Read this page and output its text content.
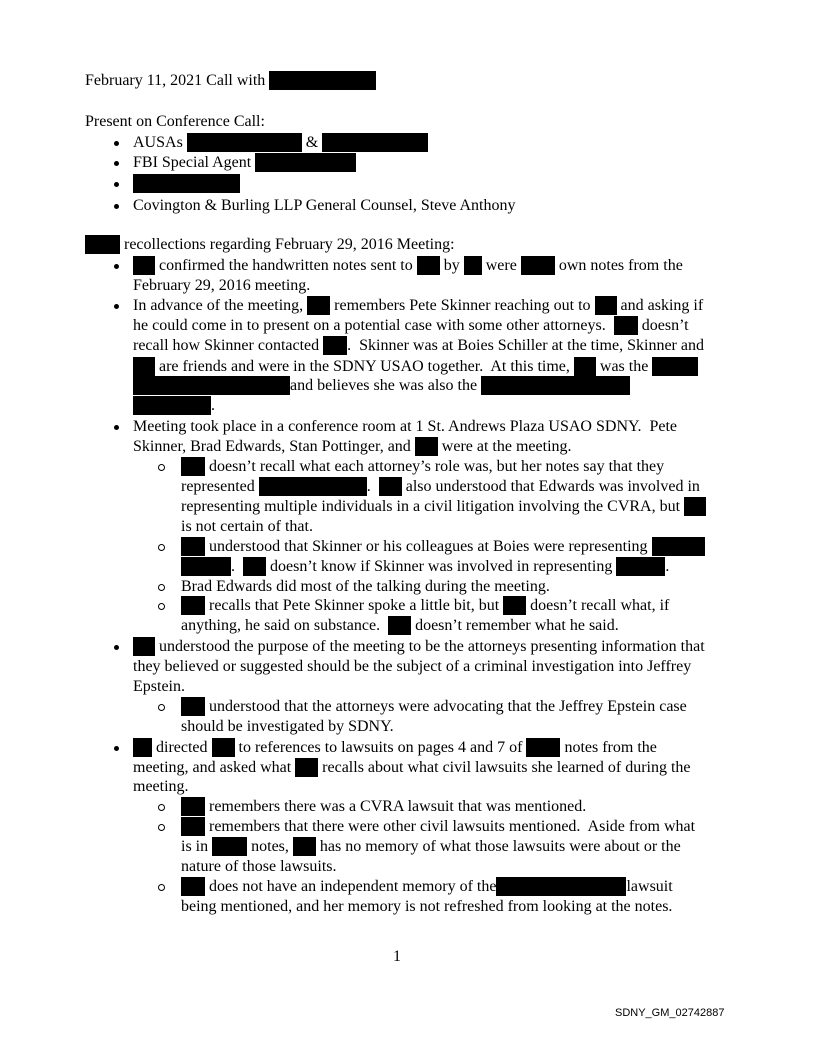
February 11, 2021 Call with
Present on Conference Call:
AUSAs	&
FBI Special Agent
Covington & Burling LLP General Counsel, Steve Anthony
recollections regarding February 29, 2016 Meeting:
confirmed the handwritten notes sent to by were	own notes from the
February 29, 2016 meeting.
In advance of the meeting, remembers Pete Skinner reaching out to and asking if
he could come in to present on a potential case with some other attorneys. doesn’t
recall how Skinner contacted .  Skinner was at Boies Schiller at the time, Skinner and
are friends and were in the SDNY USAO together.  At this time, was the
and believes she was also the
.
Meeting took place in a conference room at 1 St. Andrews Plaza USAO SDNY.  Pete
Skinner, Brad Edwards, Stan Pottinger, and were at the meeting.
doesn’t recall what each attorney’s role was, but her notes say that they
represented	. also understood that Edwards was involved in
representing multiple individuals in a civil litigation involving the CVRA, but
is not certain of that.
understood that Skinner or his colleagues at Boies were representing
. doesn’t know if Skinner was involved in representing	.
Brad Edwards did most of the talking during the meeting.
recalls that Pete Skinner spoke a little bit, but doesn’t recall what, if
anything, he said on substance. doesn’t remember what he said.
understood the purpose of the meeting to be the attorneys presenting information that
they believed or suggested should be the subject of a criminal investigation into Jeffrey
Epstein.
understood that the attorneys were advocating that the Jeffrey Epstein case
should be investigated by SDNY.
directed to references to lawsuits on pages 4 and 7 of	notes from the
meeting, and asked what recalls about what civil lawsuits she learned of during the
meeting.
remembers there was a CVRA lawsuit that was mentioned.
remembers that there were other civil lawsuits mentioned.  Aside from what
is in	notes, has no memory of what those lawsuits were about or the
nature of those lawsuits.
does not have an independent memory of the	lawsuit
being mentioned, and her memory is not refreshed from looking at the notes.
1
SDNY_GM_02742887
